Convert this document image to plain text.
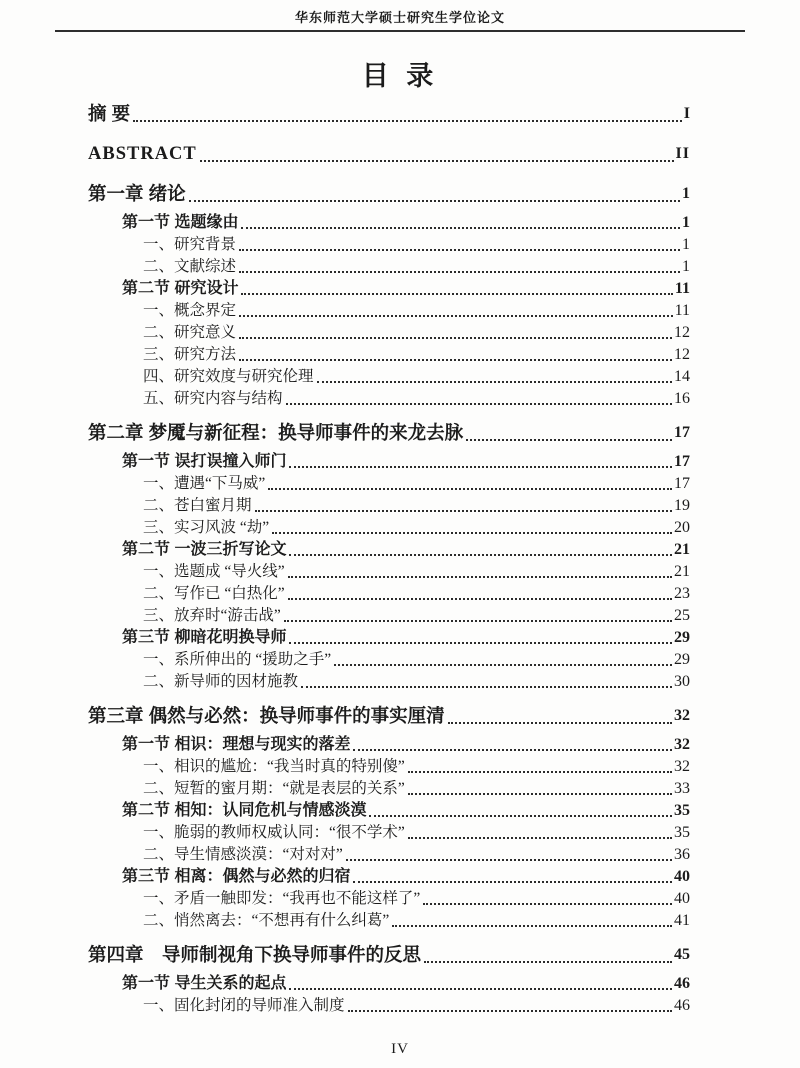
华东师范大学硕士研究生学位论文
目 录
摘 要	I
ABSTRACT	II
第一章 绪论	1
第一节 选题缘由	1
一、研究背景	1
二、文献综述	1
第二节 研究设计	11
一、概念界定	11
二、研究意义	12
三、研究方法	12
四、研究效度与研究伦理	14
五、研究内容与结构	16
第二章 梦魇与新征程：换导师事件的来龙去脉	17
第一节 误打误撞入师门	17
一、遭遇“下马威”	17
二、苍白蜜月期	19
三、实习风波 “劫”	20
第二节 一波三折写论文	21
一、选题成 “导火线”	21
二、写作已 “白热化”	23
三、放弃时“游击战”	25
第三节 柳暗花明换导师	29
一、系所伸出的 “援助之手”	29
二、新导师的因材施教	30
第三章 偶然与必然：换导师事件的事实厘清	32
第一节 相识：理想与现实的落差	32
一、相识的尴尬：“我当时真的特别傻”	32
二、短暂的蜜月期：“就是表层的关系”	33
第二节 相知：认同危机与情感淡漠	35
一、脆弱的教师权威认同：“很不学术”	35
二、导生情感淡漠：“对对对”	36
第三节 相离：偶然与必然的归宿	40
一、矛盾一触即发：“我再也不能这样了”	40
二、悄然离去：“不想再有什么纠葛”	41
第四章　导师制视角下换导师事件的反思	45
第一节 导生关系的起点	46
一、固化封闭的导师准入制度	46
IV
